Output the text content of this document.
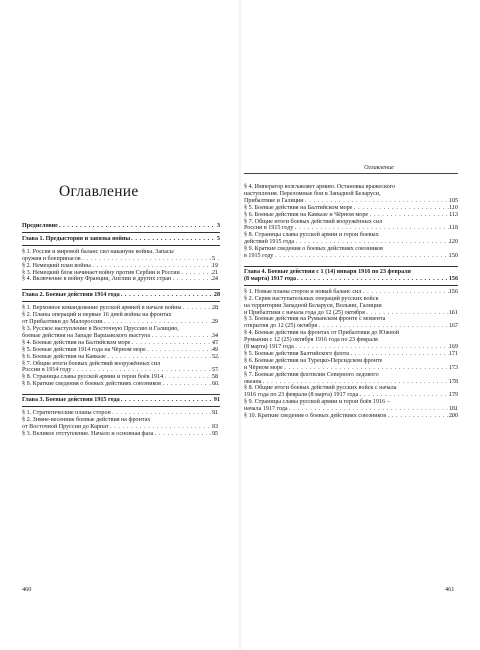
Оглавление
Предисловие . . .	3
Глава 1. Предыстория и завязка войны . . .	5
§ 1. Россия и мировой баланс сил накануне войны. Запасы
оружия и боеприпасов . . .	5
§ 2. Немецкий план войны . . .	19
§ 3. Немецкий блок начинает войну против Сербии и России . . .	21
§ 4. Включение в войну Франции, Англии и других стран . . .	24
Глава 2. Боевые действия 1914 года . . .	28
§ 1. Верховное командование русской армией в начале войны . . .	28
§ 2. Планы операций и первые 16 дней войны на фронтах
от Прибалтики до Малороссии . . .	29
§ 3. Русское наступление в Восточную Пруссию и Галицию,
боевые действия на Западе Варшавского выступа . . .	34
§ 4. Боевые действия на Балтийском море . . .	47
§ 5. Боевые действия 1914 года на Чёрном море . . .	49
§ 6. Боевые действия на Кавказе . . .	52
§ 7. Общие итоги боевых действий вооружённых сил
России в 1914 году . . .	57
§ 8. Страницы славы русской армии и герои боёв 1914 . . .	58
§ 9. Краткие сведения о боевых действиях союзников . . .	60
Глава 3. Боевые действия 1915 года . . .	91
§ 1. Стратегические планы сторон . . .	91
§ 2. Зимне-весенние боевые действия на фронтах
от Восточной Пруссии до Карпат . . .	93
§ 3. Великое отступление. Начало и основная фаза . . .	95
460
Оглавление
§ 4. Император возглавляет армию. Остановка вражеского
наступления. Переломные бои в Западной Беларуси,
Прибалтике и Галиции . . .	105
§ 5. Боевые действия на Балтийском море . . .	110
§ 6. Боевые действия на Кавказе и Чёрном море . . .	113
§ 7. Общие итоги боевых действий вооружённых сил
России в 1915 году . . .	118
§ 8. Страницы славы русской армии и герои боевых
действий 1915 года . . .	120
§ 9. Краткие сведения о боевых действиях союзников
в 1915 году . . .	150
Глава 4. Боевые действия с 1 (14) января 1916 по 23 февраля
(8 марта) 1917 года . . .	156
§ 1. Новые планы сторон и новый баланс сил . . .	156
§ 2. Серия наступательных операций русских войск
на территории Западной Беларуси, Волыни, Галиции
и Прибалтики с начала года до 12 (25) октября . . .	161
§ 3. Боевые действия на Румынском фронте с момента
открытия до 12 (25) октября . . .	167
§ 4. Боевые действия на фронтах от Прибалтики до Южной
Румынии с 12 (25) октября 1916 года по 23 февраля
(8 марта) 1917 года . . .	169
§ 5. Боевые действия Балтийского флота . . .	171
§ 6. Боевые действия на Турецко-Персидском фронте
и Чёрном море . . .	173
§ 7. Боевые действия флотилии Северного ледового
океана . . .	178
§ 8. Общие итоги боевых действий русских войск с начала
1916 года по 23 февраля (8 марта) 1917 года . . .	179
§ 9. Страницы славы русской армии и герои боёв 1916 –
начала 1917 года . . .	181
§ 10. Краткие сведения о боевых действиях союзников . . .	200
461
